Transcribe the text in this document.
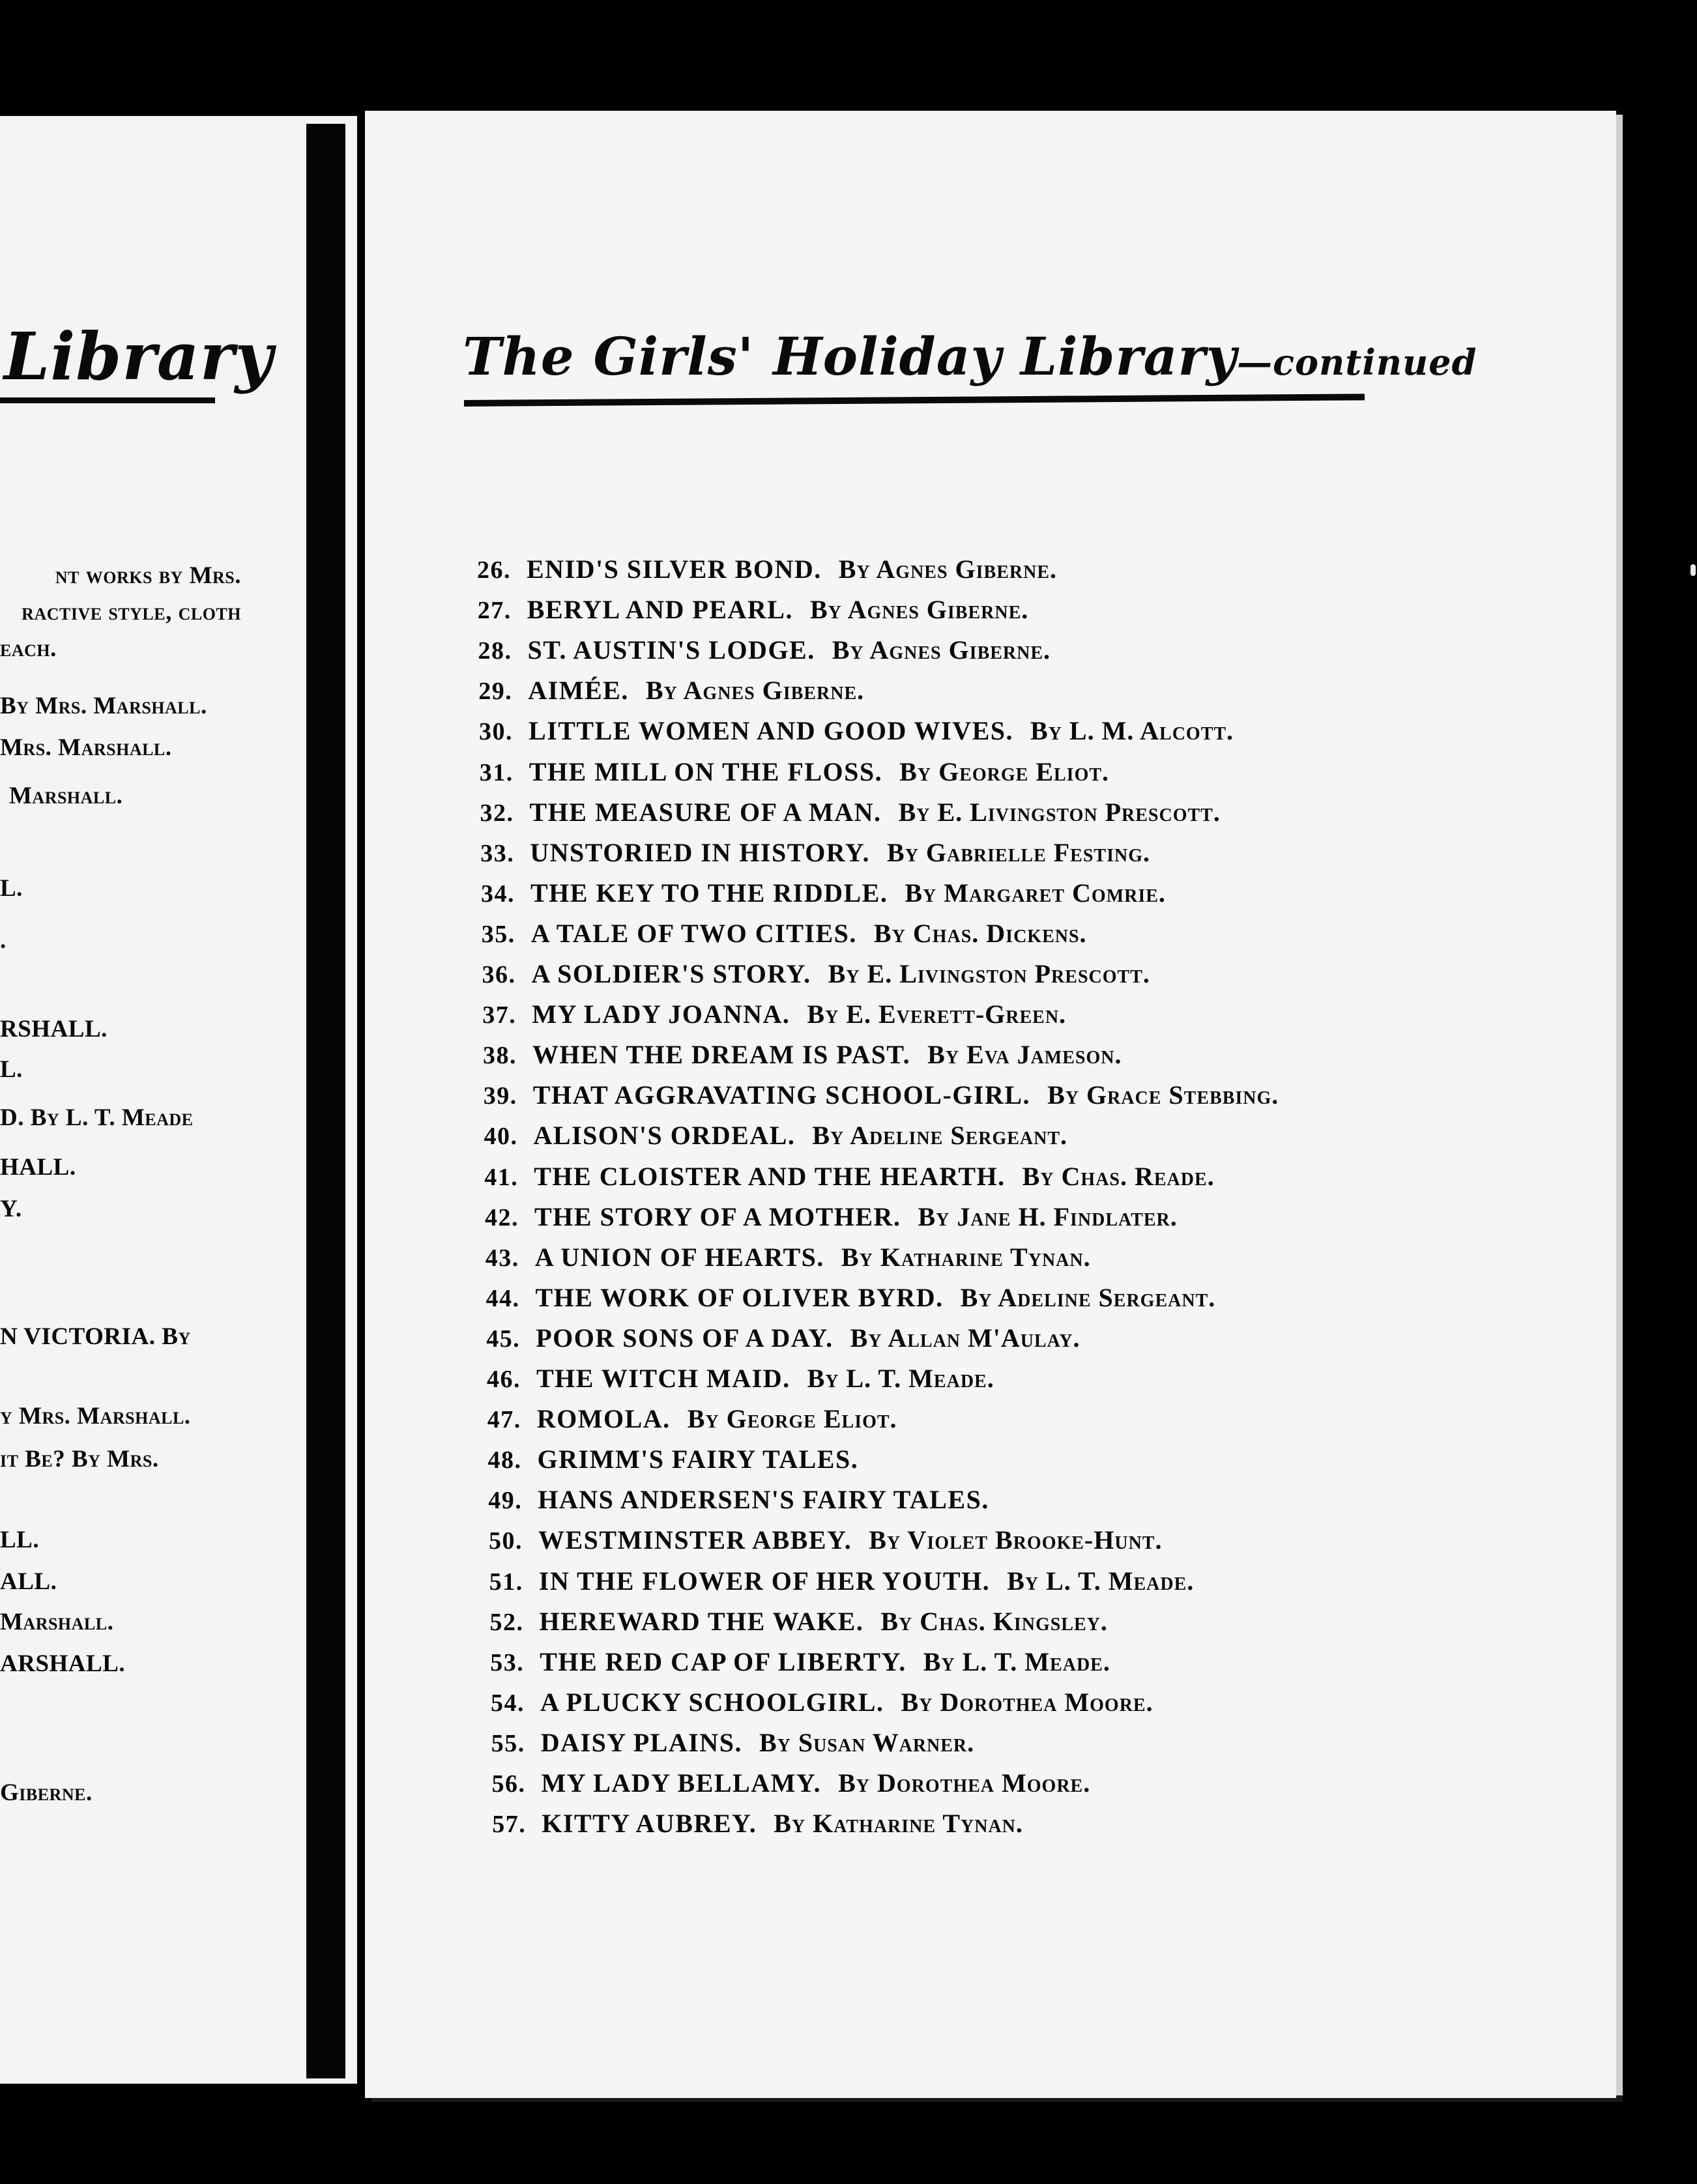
Library
nt works by Mrs.
ractive style, cloth
each.
By Mrs. Marshall.
Mrs. Marshall.
Marshall.
L.
.
RSHALL.
L.
D. By L. T. Meade
HALL.
Y.
N VICTORIA. By
y Mrs. Marshall.
it Be? By Mrs.
LL.
ALL.
Marshall.
ARSHALL.
Giberne.
The Girls' Holiday Library—continued
26. ENID'S SILVER BOND. By Agnes Giberne.
27. BERYL AND PEARL. By Agnes Giberne.
28. ST. AUSTIN'S LODGE. By Agnes Giberne.
29. AIMÉE. By Agnes Giberne.
30. LITTLE WOMEN AND GOOD WIVES. By L. M. Alcott.
31. THE MILL ON THE FLOSS. By George Eliot.
32. THE MEASURE OF A MAN. By E. Livingston Prescott.
33. UNSTORIED IN HISTORY. By Gabrielle Festing.
34. THE KEY TO THE RIDDLE. By Margaret Comrie.
35. A TALE OF TWO CITIES. By Chas. Dickens.
36. A SOLDIER'S STORY. By E. Livingston Prescott.
37. MY LADY JOANNA. By E. Everett-Green.
38. WHEN THE DREAM IS PAST. By Eva Jameson.
39. THAT AGGRAVATING SCHOOL-GIRL. By Grace Stebbing.
40. ALISON'S ORDEAL. By Adeline Sergeant.
41. THE CLOISTER AND THE HEARTH. By Chas. Reade.
42. THE STORY OF A MOTHER. By Jane H. Findlater.
43. A UNION OF HEARTS. By Katharine Tynan.
44. THE WORK OF OLIVER BYRD. By Adeline Sergeant.
45. POOR SONS OF A DAY. By Allan M'Aulay.
46. THE WITCH MAID. By L. T. Meade.
47. ROMOLA. By George Eliot.
48. GRIMM'S FAIRY TALES.
49. HANS ANDERSEN'S FAIRY TALES.
50. WESTMINSTER ABBEY. By Violet Brooke-Hunt.
51. IN THE FLOWER OF HER YOUTH. By L. T. Meade.
52. HEREWARD THE WAKE. By Chas. Kingsley.
53. THE RED CAP OF LIBERTY. By L. T. Meade.
54. A PLUCKY SCHOOLGIRL. By Dorothea Moore.
55. DAISY PLAINS. By Susan Warner.
56. MY LADY BELLAMY. By Dorothea Moore.
57. KITTY AUBREY. By Katharine Tynan.
